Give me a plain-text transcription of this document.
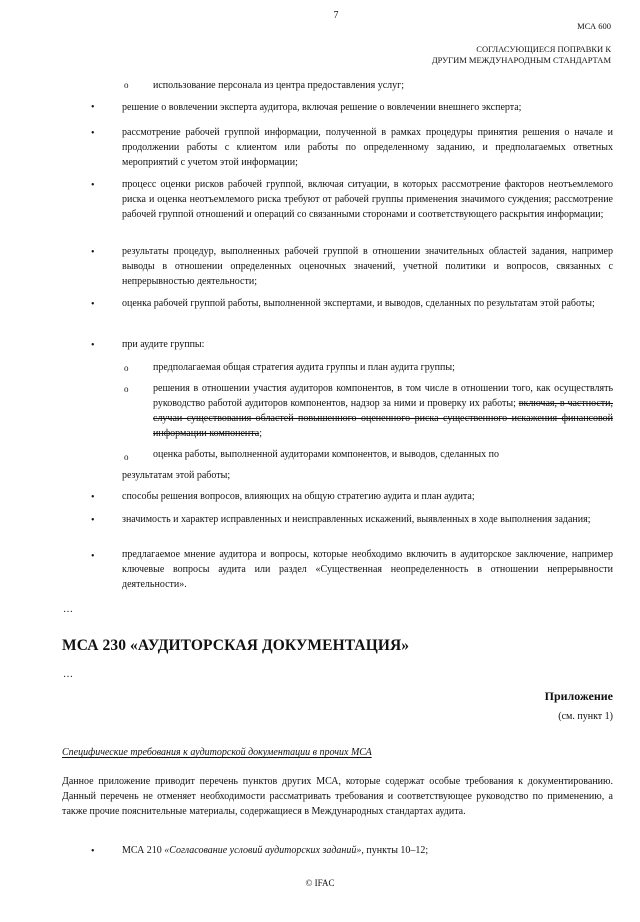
7
МСА 600
СОГЛАСУЮЩИЕСЯ ПОПРАВКИ К
ДРУГИМ МЕЖДУНАРОДНЫМ СТАНДАРТАМ
o использование персонала из центра предоставления услуг;
•	решение о вовлечении эксперта аудитора, включая решение о вовлечении внешнего эксперта;
•	рассмотрение рабочей группой информации, полученной в рамках процедуры принятия решения о начале и продолжении работы с клиентом или работы по определенному заданию, и предполагаемых ответных мероприятий с учетом этой информации;
•	процесс оценки рисков рабочей группой, включая ситуации, в которых рассмотрение факторов неотъемлемого риска и оценка неотъемлемого риска требуют от рабочей группы применения значимого суждения; рассмотрение рабочей группой отношений и операций со связанными сторонами и соответствующего раскрытия информации;
•	результаты процедур, выполненных рабочей группой в отношении значительных областей задания, например выводы в отношении определенных оценочных значений, учетной политики и вопросов, связанных с непрерывностью деятельности;
•	оценка рабочей группой работы, выполненной экспертами, и выводов, сделанных по результатам этой работы;
•	при аудите группы:
o предполагаемая общая стратегия аудита группы и план аудита группы;
o решения в отношении участия аудиторов компонентов, в том числе в отношении того, как осуществлять руководство работой аудиторов компонентов, надзор за ними и проверку их работы; включая, в частности, случаи существования областей повышенного оцененного риска существенного искажения финансовой информации компонента;
o оценка работы, выполненной аудиторами компонентов, и выводов, сделанных по
результатам этой работы;
•	способы решения вопросов, влияющих на общую стратегию аудита и план аудита;
•	значимость и характер исправленных и неисправленных искажений, выявленных в ходе выполнения задания;
•	предлагаемое мнение аудитора и вопросы, которые необходимо включить в аудиторское заключение, например ключевые вопросы аудита или раздел «Существенная неопределенность в отношении непрерывности деятельности».
…
МСА 230 «АУДИТОРСКАЯ ДОКУМЕНТАЦИЯ»
…
Приложение
(см. пункт 1)
Специфические требования к аудиторской документации в прочих МСА
Данное приложение приводит перечень пунктов других МСА, которые содержат особые требования к документированию. Данный перечень не отменяет необходимости рассматривать требования и соответствующее руководство по применению, а также прочие пояснительные материалы, содержащиеся в Международных стандартах аудита.
•	МСА 210 «Согласование условий аудиторских заданий», пункты 10–12;
© IFAC
